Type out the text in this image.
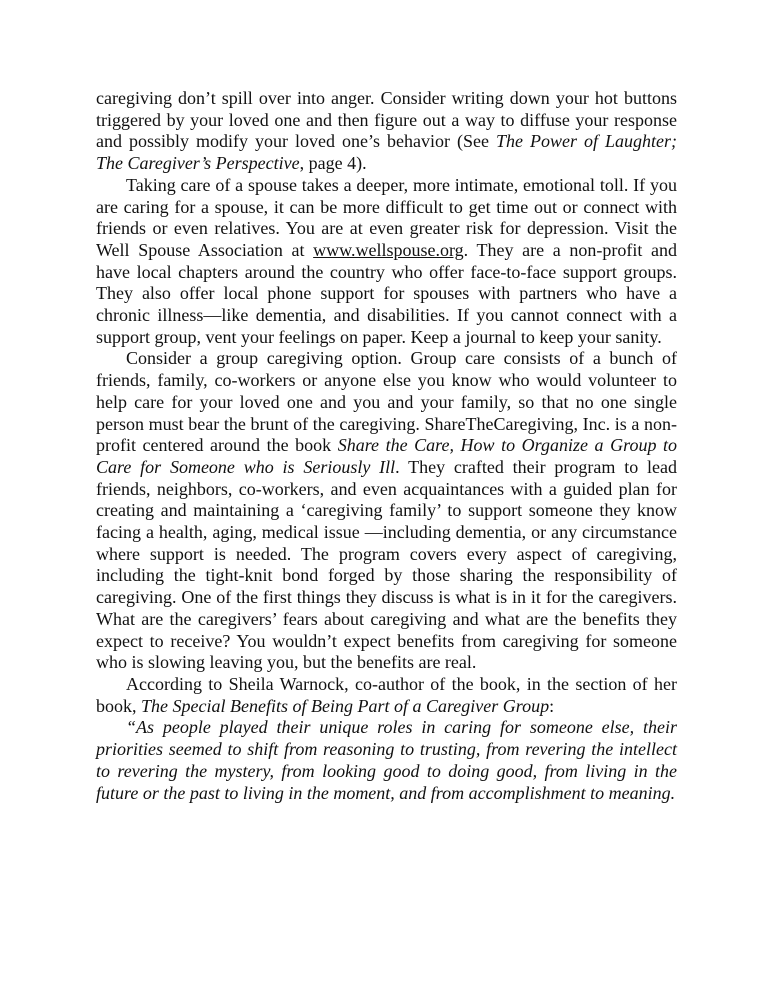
caregiving don’t spill over into anger. Consider writing down your hot buttons triggered by your loved one and then figure out a way to diffuse your response and possibly modify your loved one’s behavior (See The Power of Laughter; The Caregiver’s Perspective, page 4).

Taking care of a spouse takes a deeper, more intimate, emotional toll. If you are caring for a spouse, it can be more difficult to get time out or connect with friends or even relatives. You are at even greater risk for depression. Visit the Well Spouse Association at www.wellspouse.org. They are a non-profit and have local chapters around the country who offer face-to-face support groups. They also offer local phone support for spouses with partners who have a chronic illness—like dementia, and disabilities. If you cannot connect with a support group, vent your feelings on paper. Keep a journal to keep your sanity.

Consider a group caregiving option. Group care consists of a bunch of friends, family, co-workers or anyone else you know who would volunteer to help care for your loved one and you and your family, so that no one single person must bear the brunt of the caregiving. ShareTheCaregiving, Inc. is a non-profit centered around the book Share the Care, How to Organize a Group to Care for Someone who is Seriously Ill. They crafted their program to lead friends, neighbors, co-workers, and even acquaintances with a guided plan for creating and maintaining a ‘caregiving family’ to support someone they know facing a health, aging, medical issue —including dementia, or any circumstance where support is needed. The program covers every aspect of caregiving, including the tight-knit bond forged by those sharing the responsibility of caregiving. One of the first things they discuss is what is in it for the caregivers. What are the caregivers’ fears about caregiving and what are the benefits they expect to receive? You wouldn’t expect benefits from caregiving for someone who is slowing leaving you, but the benefits are real.

According to Sheila Warnock, co-author of the book, in the section of her book, The Special Benefits of Being Part of a Caregiver Group:

“As people played their unique roles in caring for someone else, their priorities seemed to shift from reasoning to trusting, from revering the intellect to revering the mystery, from looking good to doing good, from living in the future or the past to living in the moment, and from accomplishment to meaning.
